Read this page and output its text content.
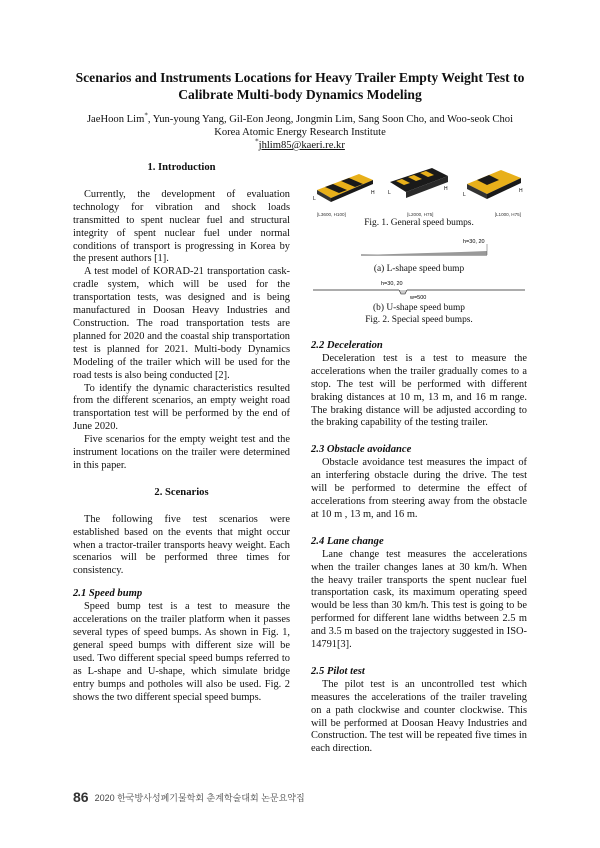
Scenarios and Instruments Locations for Heavy Trailer Empty Weight Test to Calibrate Multi-body Dynamics Modeling
JaeHoon Lim*, Yun-young Yang, Gil-Eon Jeong, Jongmin Lim, Sang Soon Cho, and Woo-seok Choi
Korea Atomic Energy Research Institute
*jhlim85@kaeri.re.kr
1. Introduction

Currently, the development of evaluation technology for vibration and shock loads transmitted to spent nuclear fuel and structural integrity of spent nuclear fuel under normal conditions of transport is progressing in Korea by the present authors [1].

A test model of KORAD-21 transportation cask-cradle system, which will be used for the transportation tests, was designed and is being manufactured in Doosan Heavy Industries and Construction. The road transportation tests are planned for 2020 and the coastal ship transportation test is planned for 2021. Multi-body Dynamics Modeling of the trailer which will be used for the road tests is also being conducted [2].

To identify the dynamic characteristics resulted from the different scenarios, an empty weight road transportation test will be performed by the end of June 2020.

Five scenarios for the empty weight test and the instrument locations on the trailer were determined in this paper.

2. Scenarios

The following five test scenarios were established based on the events that might occur when a tractor-trailer transports heavy weight. Each scenarios will be performed three times for consistency.

2.1 Speed bump

Speed bump test is a test to measure the accelerations on the trailer platform when it passes several types of speed bumps. As shown in Fig. 1, general speed bumps with different size will be used. Two different special speed bumps referred to as L-shape and U-shape, which simulate bridge entry bumps and potholes will also be used. Fig. 2 shows the two different special speed bumps.

L
H	L
H
L
H
[L3600, H100]	[L2000, H75]	[L1000, H75]
Fig. 1. General speed bumps.
h=30, 20
(a) L-shape speed bump
h=30, 20
w=500
(b) U-shape speed bump
Fig. 2. Special speed bumps.
2.2 Deceleration

Deceleration test is a test to measure the accelerations when the trailer gradually comes to a stop. The test will be performed with different braking distances at 10 m, 13 m, and 16 m range. The braking distance will be adjusted according to the braking capability of the testing trailer.

2.3 Obstacle avoidance

Obstacle avoidance test measures the impact of an interfering obstacle during the drive. The test will be performed to determine the effect of accelerations from steering away from the obstacle at 10 m , 13 m, and 16 m.

2.4 Lane change

Lane change test measures the accelerations when the trailer changes lanes at 30 km/h. When the heavy trailer transports the spent nuclear fuel transportation cask, its maximum operating speed would be less than 30 km/h. This test is going to be performed for different lane widths between 2.5 m and 3.5 m based on the trajectory suggested in ISO-14791[3].

2.5 Pilot test

The pilot test is an uncontrolled test which measures the accelerations of the trailer traveling on a path clockwise and counter clockwise. This will be performed at Doosan Heavy Industries and Construction. The test will be repeated five times in each direction.

86 2020 한국방사성폐기물학회 춘계학술대회 논문요약집
